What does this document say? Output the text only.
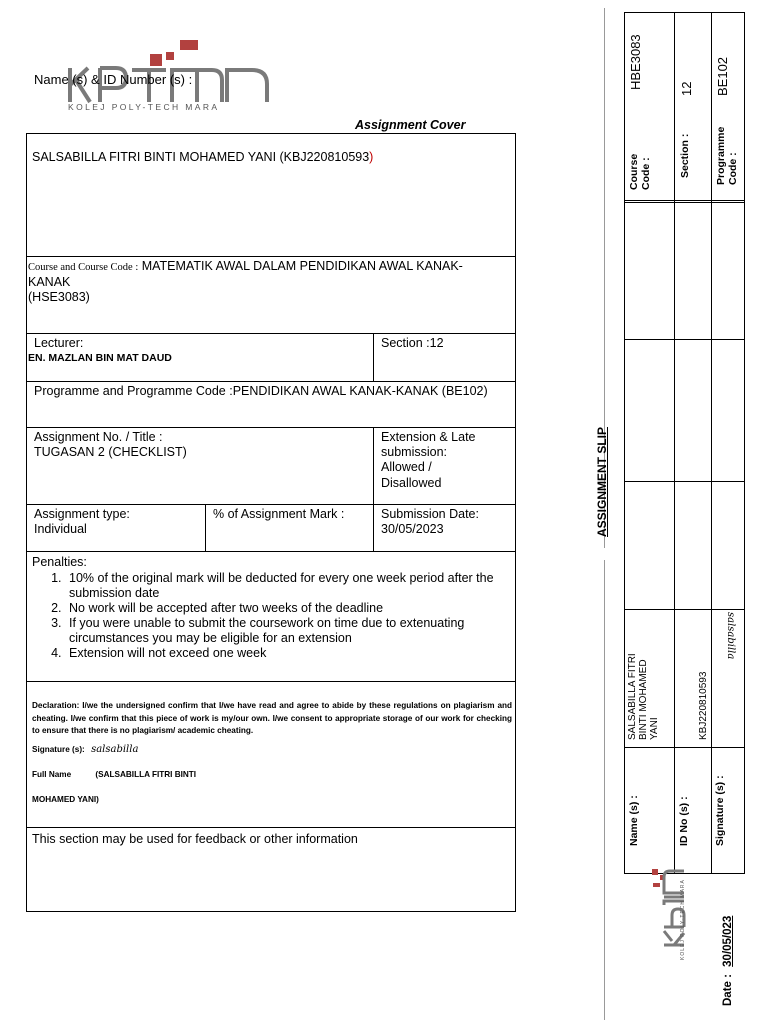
KOLEJ POLY-TECH MARA
Name (s) & ID Number (s) :
Assignment Cover
SALSABILLA FITRI BINTI MOHAMED YANI (KBJ220810593)
Course and Course Code : MATEMATIK AWAL DALAM PENDIDIKAN AWAL KANAK- KANAK
(HSE3083)
Lecturer:
EN. MAZLAN BIN MAT DAUD
Section :12
Programme and Programme Code :PENDIDIKAN AWAL KANAK-KANAK (BE102)
Assignment No. / Title :
TUGASAN 2 (CHECKLIST)
Extension & Late submission:
Allowed /
Disallowed
Assignment type:
Individual
% of Assignment Mark :	Submission Date:
30/05/2023
Penalties:
1. 10% of the original mark will be deducted for every one week period after the submission date
2. No work will be accepted after two weeks of the deadline
3. If you were unable to submit the coursework on time due to extenuating circumstances you may be eligible for an extension
4. Extension will not exceed one week
Declaration: I/we the undersigned confirm that I/we have read and agree to abide by these regulations on plagiarism and cheating. I/we confirm that this piece of work is my/our own. I/we consent to appropriate storage of our work for checking to ensure that there is no plagiarism/ academic cheating.
Signature (s): salsabilla
Full Name	(SALSABILLA FITRI BINTI
MOHAMED YANI)
This section may be used for feedback or other information
ASSIGNMENT SLIP
Course Code :
HBE3083
Section :
12
Programme Code :
BE102
Name (s) :
SALSABILLA FITRI BINTI MOHAMED YANI
ID No (s) :
KBJ220810593
Signature (s) :
salsabilla
KOLEJ POLY-TECH MARA
Date : 30/05/023
